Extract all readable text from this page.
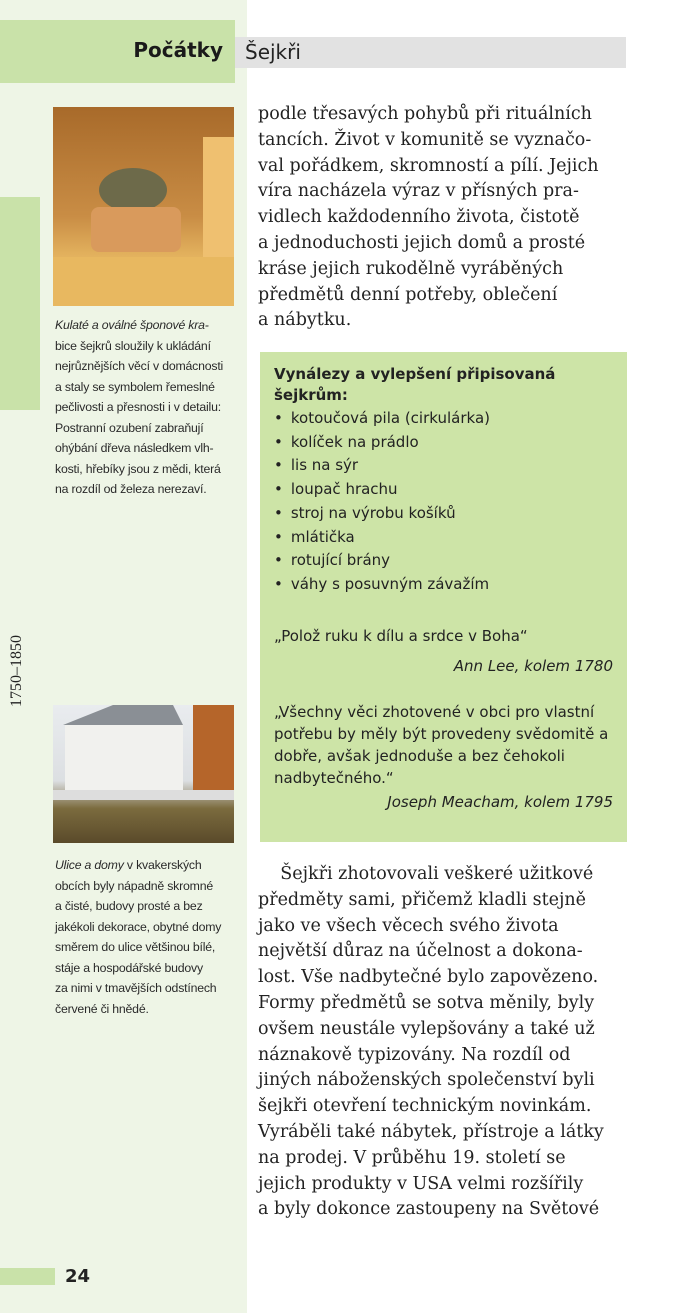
Počátky	Šejkři
1750–1850
Kulaté a oválné šponové kra-
bice šejkrů sloužily k ukládání
nejrůznějších věcí v domácnosti
a staly se symbolem řemeslné
pečlivosti a přesnosti i v detailu:
Postranní ozubení zabraňují
ohýbání dřeva následkem vlh-
kosti, hřebíky jsou z mědi, která
na rozdíl od železa nerezaví.
Ulice a domy v kvakerských
obcích byly nápadně skromné
a čisté, budovy prosté a bez
jakékoli dekorace, obytné domy
směrem do ulice většinou bílé,
stáje a hospodářské budovy
za nimi v tmavějších odstínech
červené či hnědé.
podle třesavých pohybů při rituálních
tancích. Život v komunitě se vyznačo-
val pořádkem, skromností a pílí. Jejich
víra nacházela výraz v přísných pra-
vidlech každodenního života, čistotě
a jednoduchosti jejich domů a prosté
kráse jejich rukodělně vyráběných
předmětů denní potřeby, oblečení
a nábytku.
Vynálezy a vylepšení připisovaná
šejkrům:
• kotoučová pila (cirkulárka)
• kolíček na prádlo
• lis na sýr
• loupač hrachu
• stroj na výrobu košíků
• mlátička
• rotující brány
• váhy s posuvným závažím
„Polož ruku k dílu a srdce v Boha“
Ann Lee, kolem 1780
„Všechny věci zhotovené v obci pro vlastní potřebu by měly být provedeny svědomitě a dobře, avšak jednoduše a bez čehokoli nadbytečného.“
Joseph Meacham, kolem 1795
Šejkři zhotovovali veškeré užitkové
předměty sami, přičemž kladli stejně
jako ve všech věcech svého života
největší důraz na účelnost a dokona-
lost. Vše nadbytečné bylo zapovězeno.
Formy předmětů se sotva měnily, byly
ovšem neustále vylepšovány a také už
náznakově typizovány. Na rozdíl od
jiných náboženských společenství byli
šejkři otevření technickým novinkám.
Vyráběli také nábytek, přístroje a látky
na prodej. V průběhu 19. století se
jejich produkty v USA velmi rozšířily
a byly dokonce zastoupeny na Světové
24
